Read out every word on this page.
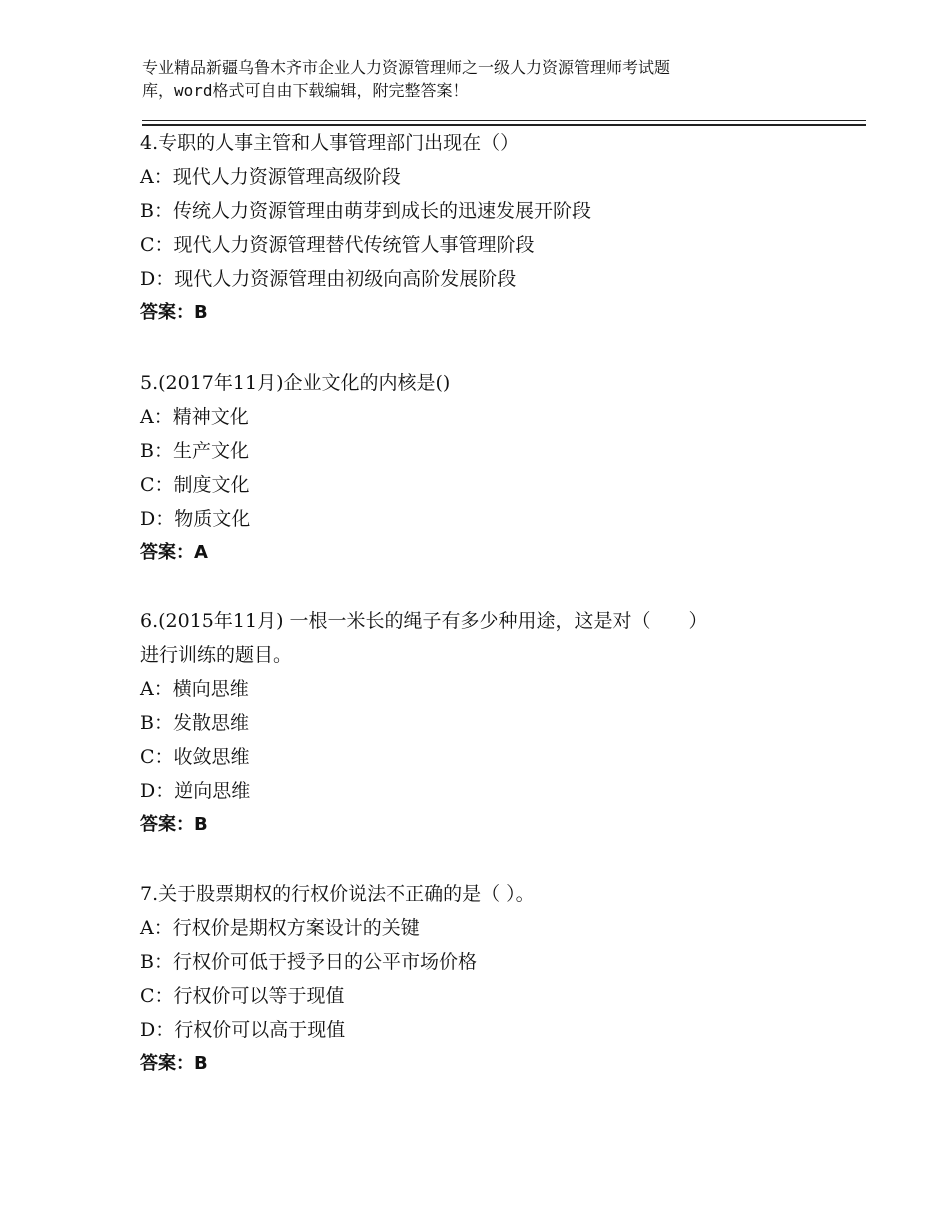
专业精品新疆乌鲁木齐市企业人力资源管理师之一级人力资源管理师考试题
库，word格式可自由下载编辑，附完整答案！
4.专职的人事主管和人事管理部门出现在（）
A：现代人力资源管理高级阶段
B：传统人力资源管理由萌芽到成长的迅速发展开阶段
C：现代人力资源管理替代传统管人事管理阶段
D：现代人力资源管理由初级向高阶发展阶段
答案：B
5.(2017年11月)企业文化的内核是()
A：精神文化
B：生产文化
C：制度文化
D：物质文化
答案：A
6.(2015年11月) 一根一米长的绳子有多少种用途，这是对（　　）
进行训练的题目。
A：横向思维
B：发散思维
C：收敛思维
D：逆向思维
答案：B
7.关于股票期权的行权价说法不正确的是（ ）。
A：行权价是期权方案设计的关键
B：行权价可低于授予日的公平市场价格
C：行权价可以等于现值
D：行权价可以高于现值
答案：B
